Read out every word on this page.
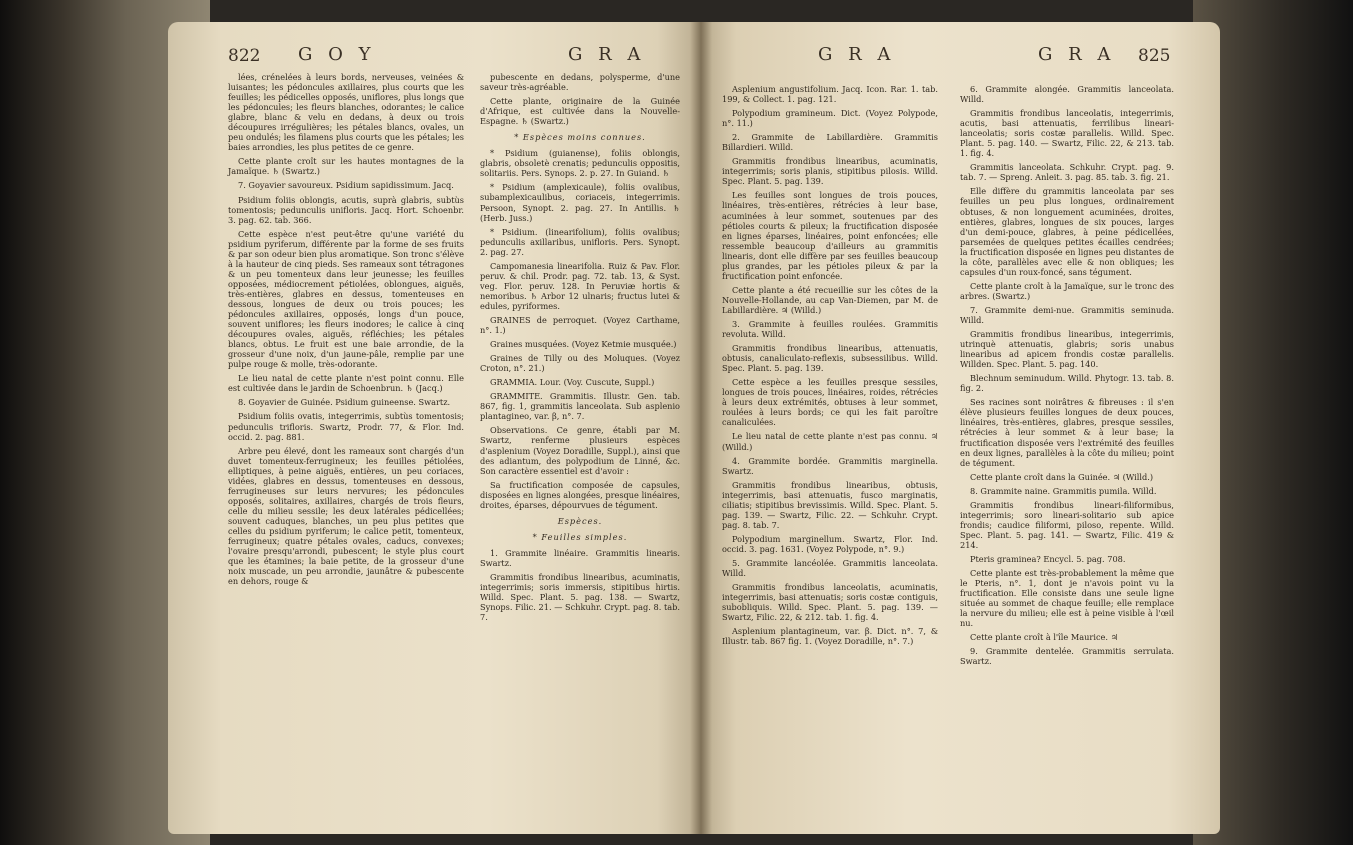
822 G O Y	G R A	G R A	G R A 825

lées, crénelées à leurs bords, nerveuses, veinées & luisantes; les pédoncules axillaires, plus courts que les feuilles; les pédicelles opposés, uniflores, plus longs que les pédoncules; les fleurs blanches, odorantes; le calice glabre, blanc & velu en dedans, à deux ou trois découpures irrégulières; les pétales blancs, ovales, un peu ondulés; les filamens plus courts que les pétales; les baies arrondies, les plus petites de ce genre.

Cette plante croît sur les hautes montagnes de la Jamaïque. ♄ (Swartz.)

7. Goyavier savoureux. Psidium sapidissimum. Jacq.

Psidium foliis oblongis, acutis, suprà glabris, subtùs tomentosis; pedunculis unifloris. Jacq. Hort. Schoenbr. 3. pag. 62. tab. 366.

Cette espèce n'est peut-être qu'une variété du psidium pyriferum, différente par la forme de ses fruits & par son odeur bien plus aromatique. Son tronc s'élève à la hauteur de cinq pieds. Ses rameaux sont tétragones & un peu tomenteux dans leur jeunesse; les feuilles opposées, médiocrement pétiolées, oblongues, aiguës, très-entières, glabres en dessus, tomenteuses en dessous, longues de deux ou trois pouces; les pédoncules axillaires, opposés, longs d'un pouce, souvent uniflores; les fleurs inodores; le calice à cinq découpures ovales, aiguës, réfléchies; les pétales blancs, obtus. Le fruit est une baie arrondie, de la grosseur d'une noix, d'un jaune-pâle, remplie par une pulpe rouge & molle, très-odorante.

Le lieu natal de cette plante n'est point connu. Elle est cultivée dans le jardin de Schoenbrun. ♄ (Jacq.)

8. Goyavier de Guinée. Psidium guineense. Swartz.

Psidium foliis ovatis, integerrimis, subtùs tomentosis; pedunculis trifloris. Swartz, Prodr. 77, & Flor. Ind. occid. 2. pag. 881.

Arbre peu élevé, dont les rameaux sont chargés d'un duvet tomenteux-ferrugineux; les feuilles pétiolées, elliptiques, à peine aiguës, entières, un peu coriaces, vidées, glabres en dessus, tomenteuses en dessous, ferrugineuses sur leurs nervures; les pédoncules opposés, solitaires, axillaires, chargés de trois fleurs, celle du milieu sessile; les deux latérales pédicellées; souvent caduques, blanches, un peu plus petites que celles du psidium pyriferum; le calice petit, tomenteux, ferrugineux; quatre pétales ovales, caducs, convexes; l'ovaire presqu'arrondi, pubescent; le style plus court que les étamines; la baie petite, de la grosseur d'une noix muscade, un peu arrondie, jaunâtre & pubescente en dehors, rouge &

pubescente en dedans, polysperme, d'une saveur très-agréable.

Cette plante, originaire de la Guinée d'Afrique, est cultivée dans la Nouvelle-Espagne. ♄ (Swartz.)

* Espèces moins connues.

* Psidium (guianense), foliis oblongis, glabris, obsoletè crenatis; pedunculis oppositis, solitariis. Pers. Synops. 2. p. 27. In Guiand. ♄

* Psidium (amplexicaule), foliis ovalibus, subamplexicaulibus, coriaceis, integerrimis. Persoon, Synopt. 2. pag. 27. In Antillis. ♄ (Herb. Juss.)

* Psidium. (linearifolium), foliis ovalibus; pedunculis axillaribus, unifloris. Pers. Synopt. 2. pag. 27.

Campomanesia linearifolia. Ruiz & Pav. Flor. peruv. & chil. Prodr. pag. 72. tab. 13, & Syst. veg. Flor. peruv. 128. In Peruviæ hortis & nemoribus. ♄ Arbor 12 ulnaris; fructus lutei & edules, pyriformes.

GRAINES de perroquet. (Voyez Carthame, n°. 1.)

Graines musquées. (Voyez Ketmie musquée.)

Graines de Tilly ou des Moluques. (Voyez Croton, n°. 21.)

GRAMMIA. Lour. (Voy. Cuscute, Suppl.)

GRAMMITE. Grammitis. Illustr. Gen. tab. 867, fig. 1, grammitis lanceolata. Sub asplenio plantagineo, var. β, n°. 7.

Observations. Ce genre, établi par M. Swartz, renferme plusieurs espèces d'asplenium (Voyez Doradille, Suppl.), ainsi que des adiantum, des polypodium de Linné, &c. Son caractère essentiel est d'avoir :

Sa fructification composée de capsules, disposées en lignes alongées, presque linéaires, droites, éparses, dépourvues de tégument.

Espèces.

* Feuilles simples.

1. Grammite linéaire. Grammitis linearis. Swartz.

Grammitis frondibus linearibus, acuminatis, integerrimis; soris immersis, stipitibus hirtis. Willd. Spec. Plant. 5. pag. 138. — Swartz, Synops. Filic. 21. — Schkuhr. Crypt. pag. 8. tab. 7.

Asplenium angustifolium. Jacq. Icon. Rar. 1. tab. 199, & Collect. 1. pag. 121.

Polypodium gramineum. Dict. (Voyez Polypode, n°. 11.)

2. Grammite de Labillardière. Grammitis Billardieri. Willd.

Grammitis frondibus linearibus, acuminatis, integerrimis; soris planis, stipitibus pilosis. Willd. Spec. Plant. 5. pag. 139.

Les feuilles sont longues de trois pouces, linéaires, très-entières, rétrécies à leur base, acuminées à leur sommet, soutenues par des pétioles courts & pileux; la fructification disposée en lignes éparses, linéaires, point enfoncées; elle ressemble beaucoup d'ailleurs au grammitis linearis, dont elle diffère par ses feuilles beaucoup plus grandes, par les pétioles pileux & par la fructification point enfoncée.

Cette plante a été recueillie sur les côtes de la Nouvelle-Hollande, au cap Van-Diemen, par M. de Labillardière. ♃ (Willd.)

3. Grammite à feuilles roulées. Grammitis revoluta. Willd.

Grammitis frondibus linearibus, attenuatis, obtusis, canaliculato-reflexis, subsessilibus. Willd. Spec. Plant. 5. pag. 139.

Cette espèce a les feuilles presque sessiles, longues de trois pouces, linéaires, roides, rétrécies à leurs deux extrémités, obtuses à leur sommet, roulées à leurs bords; ce qui les fait paroître canaliculées.

Le lieu natal de cette plante n'est pas connu. ♃ (Willd.)

4. Grammite bordée. Grammitis marginella. Swartz.

Grammitis frondibus linearibus, obtusis, integerrimis, basi attenuatis, fusco marginatis, ciliatis; stipitibus brevissimis. Willd. Spec. Plant. 5. pag. 139. — Swartz, Filic. 22. — Schkuhr. Crypt. pag. 8. tab. 7.

Polypodium marginellum. Swartz, Flor. Ind. occid. 3. pag. 1631. (Voyez Polypode, n°. 9.)

5. Grammite lancéolée. Grammitis lanceolata. Willd.

Grammitis frondibus lanceolatis, acuminatis, integerrimis, basi attenuatis; soris costæ contiguis, subobliquis. Willd. Spec. Plant. 5. pag. 139. — Swartz, Filic. 22, & 212. tab. 1. fig. 4.

Asplenium plantagineum, var. β. Dict. n°. 7, & Illustr. tab. 867 fig. 1. (Voyez Doradille, n°. 7.)

6. Grammite alongée. Grammitis lanceolata. Willd.

Grammitis frondibus lanceolatis, integerrimis, acutis, basi attenuatis, ferrilibus lineari-lanceolatis; soris costæ parallelis. Willd. Spec. Plant. 5. pag. 140. — Swartz, Filic. 22, & 213. tab. 1. fig. 4.

Grammitis lanceolata. Schkuhr. Crypt. pag. 9. tab. 7. — Spreng. Anleit. 3. pag. 85. tab. 3. fig. 21.

Elle diffère du grammitis lanceolata par ses feuilles un peu plus longues, ordinairement obtuses, & non longuement acuminées, droites, entières, glabres, longues de six pouces, larges d'un demi-pouce, glabres, à peine pédicellées, parsemées de quelques petites écailles cendrées; la fructification disposée en lignes peu distantes de la côte, parallèles avec elle & non obliques; les capsules d'un roux-foncé, sans tégument.

Cette plante croît à la Jamaïque, sur le tronc des arbres. (Swartz.)

7. Grammite demi-nue. Grammitis seminuda. Willd.

Grammitis frondibus linearibus, integerrimis, utrinquè attenuatis, glabris; soris unabus linearibus ad apicem frondis costæ parallelis. Willden. Spec. Plant. 5. pag. 140.

Blechnum seminudum. Willd. Phytogr. 13. tab. 8. fig. 2.

Ses racines sont noirâtres & fibreuses : il s'en élève plusieurs feuilles longues de deux pouces, linéaires, très-entières, glabres, presque sessiles, rétrécies à leur sommet & à leur base; la fructification disposée vers l'extrémité des feuilles en deux lignes, parallèles à la côte du milieu; point de tégument.

Cette plante croît dans la Guinée. ♃ (Willd.)

8. Grammite naine. Grammitis pumila. Willd.

Grammitis frondibus lineari-filiformibus, integerrimis; soro lineari-solitario sub apice frondis; caudice filiformi, piloso, repente. Willd. Spec. Plant. 5. pag. 141. — Swartz, Filic. 419 & 214.

Pteris graminea? Encycl. 5. pag. 708.

Cette plante est très-probablement la même que le Pteris, n°. 1, dont je n'avois point vu la fructification. Elle consiste dans une seule ligne située au sommet de chaque feuille; elle remplace la nervure du milieu; elle est à peine visible à l'œil nu.

Cette plante croît à l'île Maurice. ♃

9. Grammite dentelée. Grammitis serrulata. Swartz.
